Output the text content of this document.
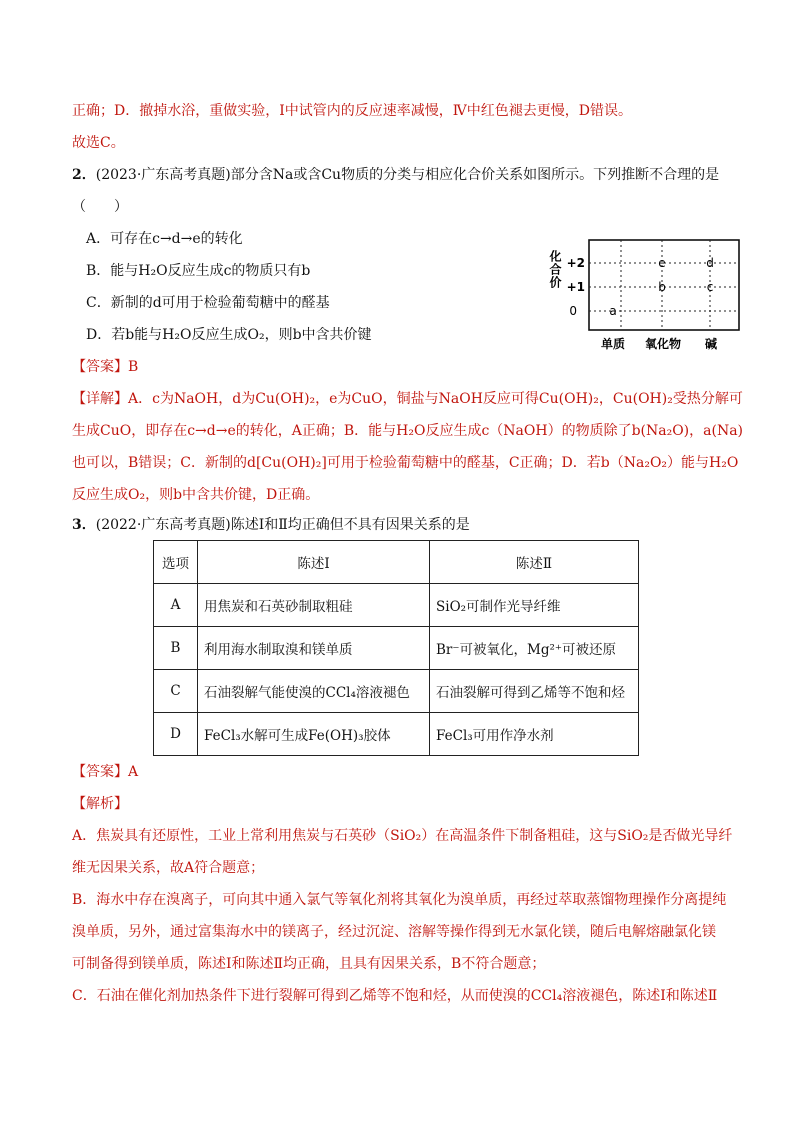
正确；D．撤掉水浴，重做实验，Ⅰ中试管内的反应速率减慢，Ⅳ中红色褪去更慢，D错误。
故选C。
2．(2023·广东高考真题)部分含Na或含Cu物质的分类与相应化合价关系如图所示。下列推断不合理的是
（　　）
A．可存在c→d→e的转化
B．能与H₂O反应生成c的物质只有b
C．新制的d可用于检验葡萄糖中的醛基
D．若b能与H₂O反应生成O₂，则b中含共价键
化合价 +2
+1
0	a
b	c
e	d
单质 氧化物 碱
【答案】B
【详解】A．c为NaOH，d为Cu(OH)₂，e为CuO，铜盐与NaOH反应可得Cu(OH)₂，Cu(OH)₂受热分解可
生成CuO，即存在c→d→e的转化，A正确；B．能与H₂O反应生成c（NaOH）的物质除了b(Na₂O)，a(Na)
也可以，B错误；C．新制的d[Cu(OH)₂]可用于检验葡萄糖中的醛基，C正确；D．若b（Na₂O₂）能与H₂O
反应生成O₂，则b中含共价键，D正确。
3．(2022·广东高考真题)陈述Ⅰ和Ⅱ均正确但不具有因果关系的是
选项	陈述Ⅰ	陈述Ⅱ
A	用焦炭和石英砂制取粗硅	SiO₂可制作光导纤维
B	利用海水制取溴和镁单质	Br⁻可被氧化，Mg²⁺可被还原
C	石油裂解气能使溴的CCl₄溶液褪色	石油裂解可得到乙烯等不饱和烃
D	FeCl₃水解可生成Fe(OH)₃胶体	FeCl₃可用作净水剂
【答案】A
【解析】
A．焦炭具有还原性，工业上常利用焦炭与石英砂（SiO₂）在高温条件下制备粗硅，这与SiO₂是否做光导纤
维无因果关系，故A符合题意；
B．海水中存在溴离子，可向其中通入氯气等氧化剂将其氧化为溴单质，再经过萃取蒸馏物理操作分离提纯
溴单质，另外，通过富集海水中的镁离子，经过沉淀、溶解等操作得到无水氯化镁，随后电解熔融氯化镁
可制备得到镁单质，陈述Ⅰ和陈述Ⅱ均正确，且具有因果关系，B不符合题意；
C．石油在催化剂加热条件下进行裂解可得到乙烯等不饱和烃，从而使溴的CCl₄溶液褪色，陈述Ⅰ和陈述Ⅱ
